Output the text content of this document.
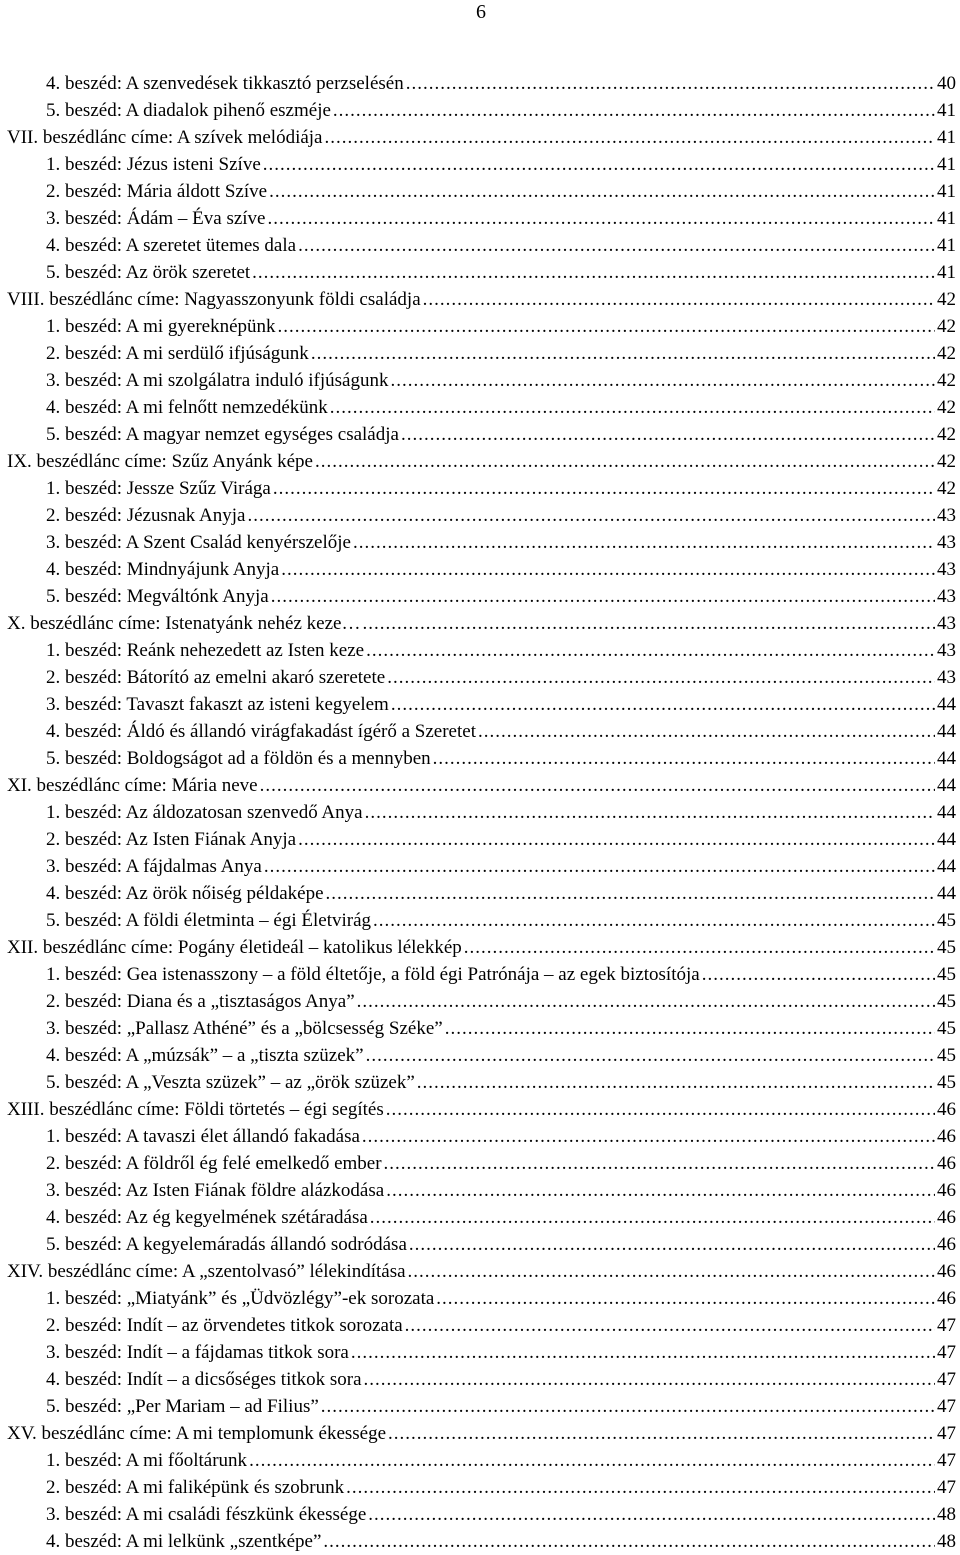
6
4. beszéd: A szenvedések tikkasztó perzselésén .....	40
5. beszéd: A diadalok pihenő eszméje .....	41
VII. beszédlánc címe: A szívek melódiája .....	41
1. beszéd: Jézus isteni Szíve .....	41
2. beszéd: Mária áldott Szíve .....	41
3. beszéd: Ádám – Éva szíve .....	41
4. beszéd: A szeretet ütemes dala .....	41
5. beszéd: Az örök szeretet .....	41
VIII. beszédlánc címe: Nagyasszonyunk földi családja .....	42
1. beszéd: A mi gyereknépünk .....	42
2. beszéd: A mi serdülő ifjúságunk .....	42
3. beszéd: A mi szolgálatra induló ifjúságunk .....	42
4. beszéd: A mi felnőtt nemzedékünk .....	42
5. beszéd: A magyar nemzet egységes családja .....	42
IX. beszédlánc címe: Szűz Anyánk képe .....	42
1. beszéd: Jessze Szűz Virága .....	42
2. beszéd: Jézusnak Anyja .....	43
3. beszéd: A Szent Család kenyérszelője .....	43
4. beszéd: Mindnyájunk Anyja .....	43
5. beszéd: Megváltónk Anyja .....	43
X. beszédlánc címe: Istenatyánk nehéz keze… .....	43
1. beszéd: Reánk nehezedett az Isten keze .....	43
2. beszéd: Bátorító az emelni akaró szeretete .....	43
3. beszéd: Tavaszt fakaszt az isteni kegyelem .....	44
4. beszéd: Áldó és állandó virágfakadást ígérő a Szeretet .....	44
5. beszéd: Boldogságot ad a földön és a mennyben .....	44
XI. beszédlánc címe: Mária neve .....	44
1. beszéd: Az áldozatosan szenvedő Anya .....	44
2. beszéd: Az Isten Fiának Anyja .....	44
3. beszéd: A fájdalmas Anya .....	44
4. beszéd: Az örök nőiség példaképe .....	44
5. beszéd: A földi életminta – égi Életvirág .....	45
XII. beszédlánc címe: Pogány életideál – katolikus lélekkép .....	45
1. beszéd: Gea istenasszony – a föld éltetője, a föld égi Patrónája – az egek biztosítója .....	45
2. beszéd: Diana és a „tisztaságos Anya” .....	45
3. beszéd: „Pallasz Athéné” és a „bölcsesség Széke” .....	45
4. beszéd: A „múzsák” – a „tiszta szüzek” .....	45
5. beszéd: A „Veszta szüzek” – az „örök szüzek” .....	45
XIII. beszédlánc címe: Földi törtetés – égi segítés .....	46
1. beszéd: A tavaszi élet állandó fakadása .....	46
2. beszéd: A földről ég felé emelkedő ember .....	46
3. beszéd: Az Isten Fiának földre alázkodása .....	46
4. beszéd: Az ég kegyelmének szétáradása .....	46
5. beszéd: A kegyelemáradás állandó sodródása .....	46
XIV. beszédlánc címe: A „szentolvasó” lélekindítása .....	46
1. beszéd: „Miatyánk” és „Üdvözlégy”-ek sorozata .....	46
2. beszéd: Indít – az örvendetes titkok sorozata .....	47
3. beszéd: Indít – a fájdamas titkok sora .....	47
4. beszéd: Indít – a dicsőséges titkok sora .....	47
5. beszéd: „Per Mariam – ad Filius” .....	47
XV. beszédlánc címe: A mi templomunk ékessége .....	47
1. beszéd: A mi főoltárunk .....	47
2. beszéd: A mi faliképünk és szobrunk .....	47
3. beszéd: A mi családi fészkünk ékessége .....	48
4. beszéd: A mi lelkünk „szentképe” .....	48
